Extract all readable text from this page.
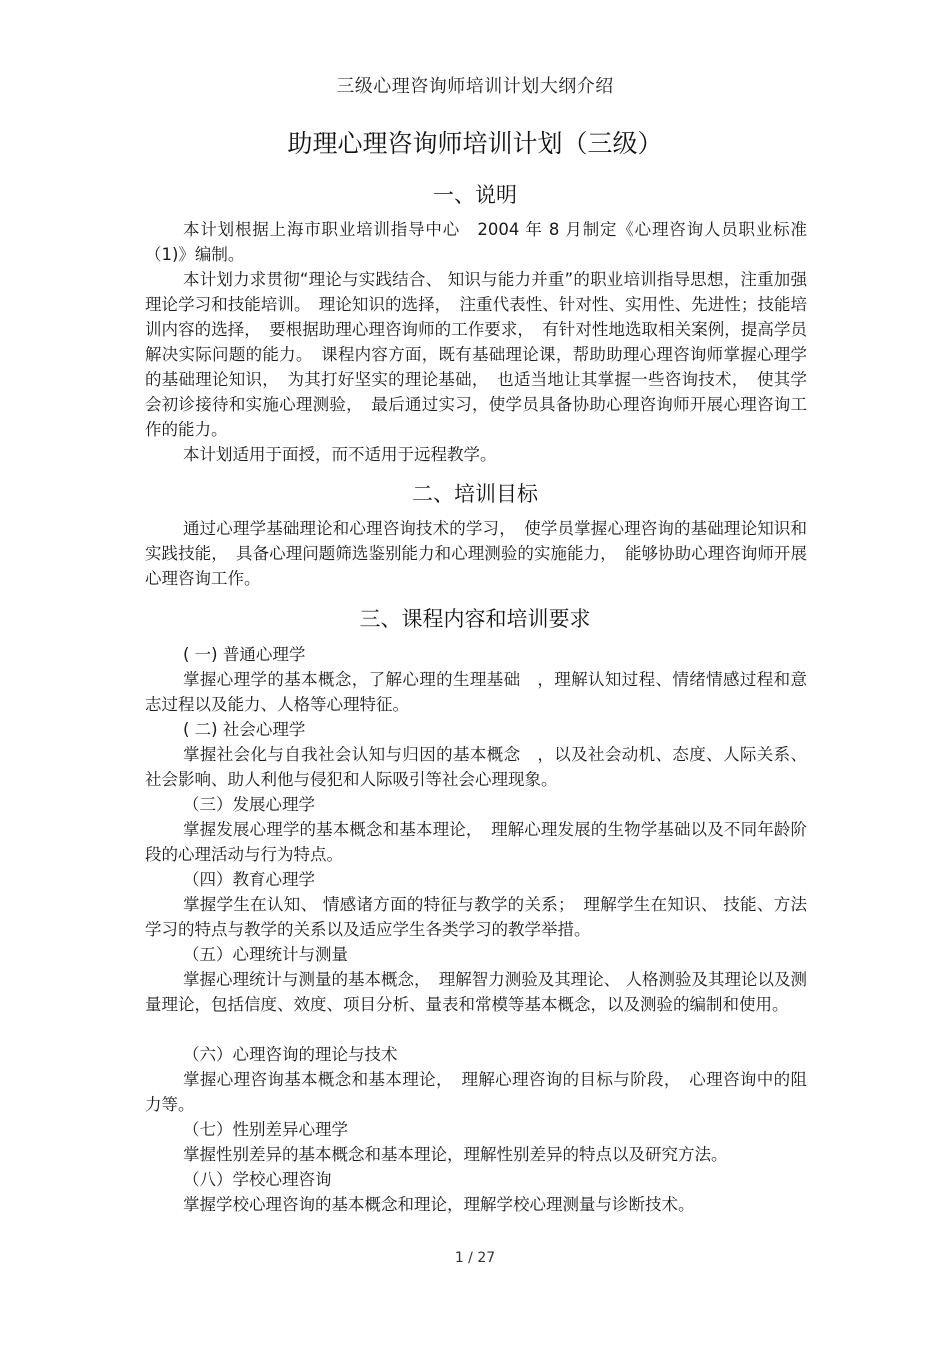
三级心理咨询师培训计划大纲介绍
助理心理咨询师培训计划（三级）
一、说明

本计划根据上海市职业培训指导中心　2004 年 8 月制定《心理咨询人员职业标准（1)》编制。

本计划力求贯彻“理论与实践结合、 知识与能力并重”的职业培训指导思想，注重加强理论学习和技能培训。　理论知识的选择，　注重代表性、针对性、实用性、先进性；技能培训内容的选择，　要根据助理心理咨询师的工作要求，　有针对性地选取相关案例，提高学员解决实际问题的能力。　课程内容方面，既有基础理论课，帮助助理心理咨询师掌握心理学的基础理论知识，　为其打好坚实的理论基础，　也适当地让其掌握一些咨询技术，　使其学会初诊接待和实施心理测验，　最后通过实习，使学员具备协助心理咨询师开展心理咨询工作的能力。

本计划适用于面授，而不适用于远程教学。

二、培训目标

通过心理学基础理论和心理咨询技术的学习，　使学员掌握心理咨询的基础理论知识和实践技能，　具备心理问题筛选鉴别能力和心理测验的实施能力，　能够协助心理咨询师开展心理咨询工作。

三、课程内容和培训要求
( 一) 普通心理学

掌握心理学的基本概念，了解心理的生理基础　，理解认知过程、情绪情感过程和意志过程以及能力、人格等心理特征。

( 二) 社会心理学

掌握社会化与自我社会认知与归因的基本概念　，以及社会动机、态度、人际关系、社会影响、助人利他与侵犯和人际吸引等社会心理现象。

（三）发展心理学

掌握发展心理学的基本概念和基本理论，　理解心理发展的生物学基础以及不同年龄阶段的心理活动与行为特点。

（四）教育心理学

掌握学生在认知、 情感诸方面的特征与教学的关系；　理解学生在知识、 技能、方法学习的特点与教学的关系以及适应学生各类学习的教学举措。

（五）心理统计与测量

掌握心理统计与测量的基本概念，　理解智力测验及其理论、 人格测验及其理论以及测量理论，包括信度、效度、项目分析、量表和常模等基本概念，以及测验的编制和使用。

（六）心理咨询的理论与技术

掌握心理咨询基本概念和基本理论，　理解心理咨询的目标与阶段，　心理咨询中的阻力等。

（七）性别差异心理学

掌握性别差异的基本概念和基本理论，理解性别差异的特点以及研究方法。

（八）学校心理咨询

掌握学校心理咨询的基本概念和理论，理解学校心理测量与诊断技术。

1 / 27
